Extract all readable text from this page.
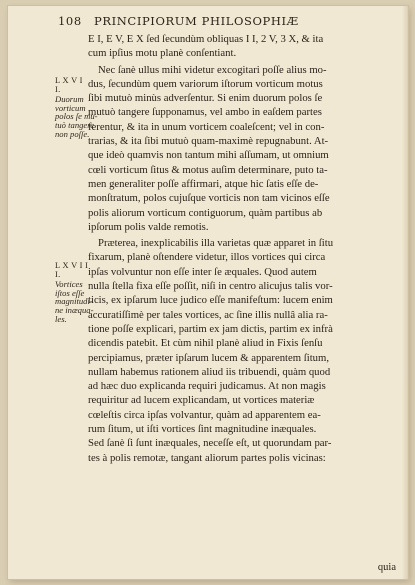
108 PRINCIPIORUM PHILOSOPHIÆ
L X V I I.
Duorum
vorticum
polos ſe mu-
tuò tangere
non poſſe.
L X V I I I.
Vortices
iſtos eſſe
magnitudi-
ne inæqua-
les.
E I, E V, E X ſed ſecundùm obliquas I I, 2 V, 3 X, & ita
cum ipſius motu planè conſentiant.
Nec ſanè ullus mihi videtur excogitari poſſe alius mo-
dus, ſecundùm quem variorum iſtorum vorticum motus
ſibi mutuò minùs adverſentur. Si enim duorum polos ſe
mutuò tangere ſupponamus, vel ambo in eaſdem partes
ferentur, & ita in unum vorticem coaleſcent; vel in con-
trarias, & ita ſibi mutuò quam-maximè repugnabunt. At-
que ideò quamvis non tantum mihi aſſumam, ut omnium
cœli vorticum ſitus & motus auſim determinare, puto ta-
men generaliter poſſe affirmari, atque hic ſatis eſſe de-
monſtratum, polos cujuſque vorticis non tam vicinos eſſe
polis aliorum vorticum contiguorum, quàm partibus ab
ipſorum polis valde remotis.
Præterea, inexplicabilis illa varietas quæ apparet in ſitu
fixarum, planè oſtendere videtur, illos vortices qui circa
ipſas volvuntur non eſſe inter ſe æquales. Quod autem
nulla ſtella fixa eſſe poſſit, niſi in centro alicujus talis vor-
ticis, ex ipſarum luce judico eſſe manifeſtum: lucem enim
accuratiſſimè per tales vortices, ac ſine illis nullâ alia ra-
tione poſſe explicari, partim ex jam dictis, partim ex infrà
dicendis patebit. Et cùm nihil planè aliud in Fixis ſenſu
percipiamus, præter ipſarum lucem & apparentem ſitum,
nullam habemus rationem aliud iis tribuendi, quàm quod
ad hæc duo explicanda requiri judicamus. At non magis
requiritur ad lucem explicandam, ut vortices materiæ
cœleſtis circa ipſas volvantur, quàm ad apparentem ea-
rum ſitum, ut iſti vortices ſint magnitudine inæquales.
Sed ſanè ſi ſunt inæquales, neceſſe eſt, ut quorundam par-
tes à polis remotæ, tangant aliorum partes polis vicinas:
quia
